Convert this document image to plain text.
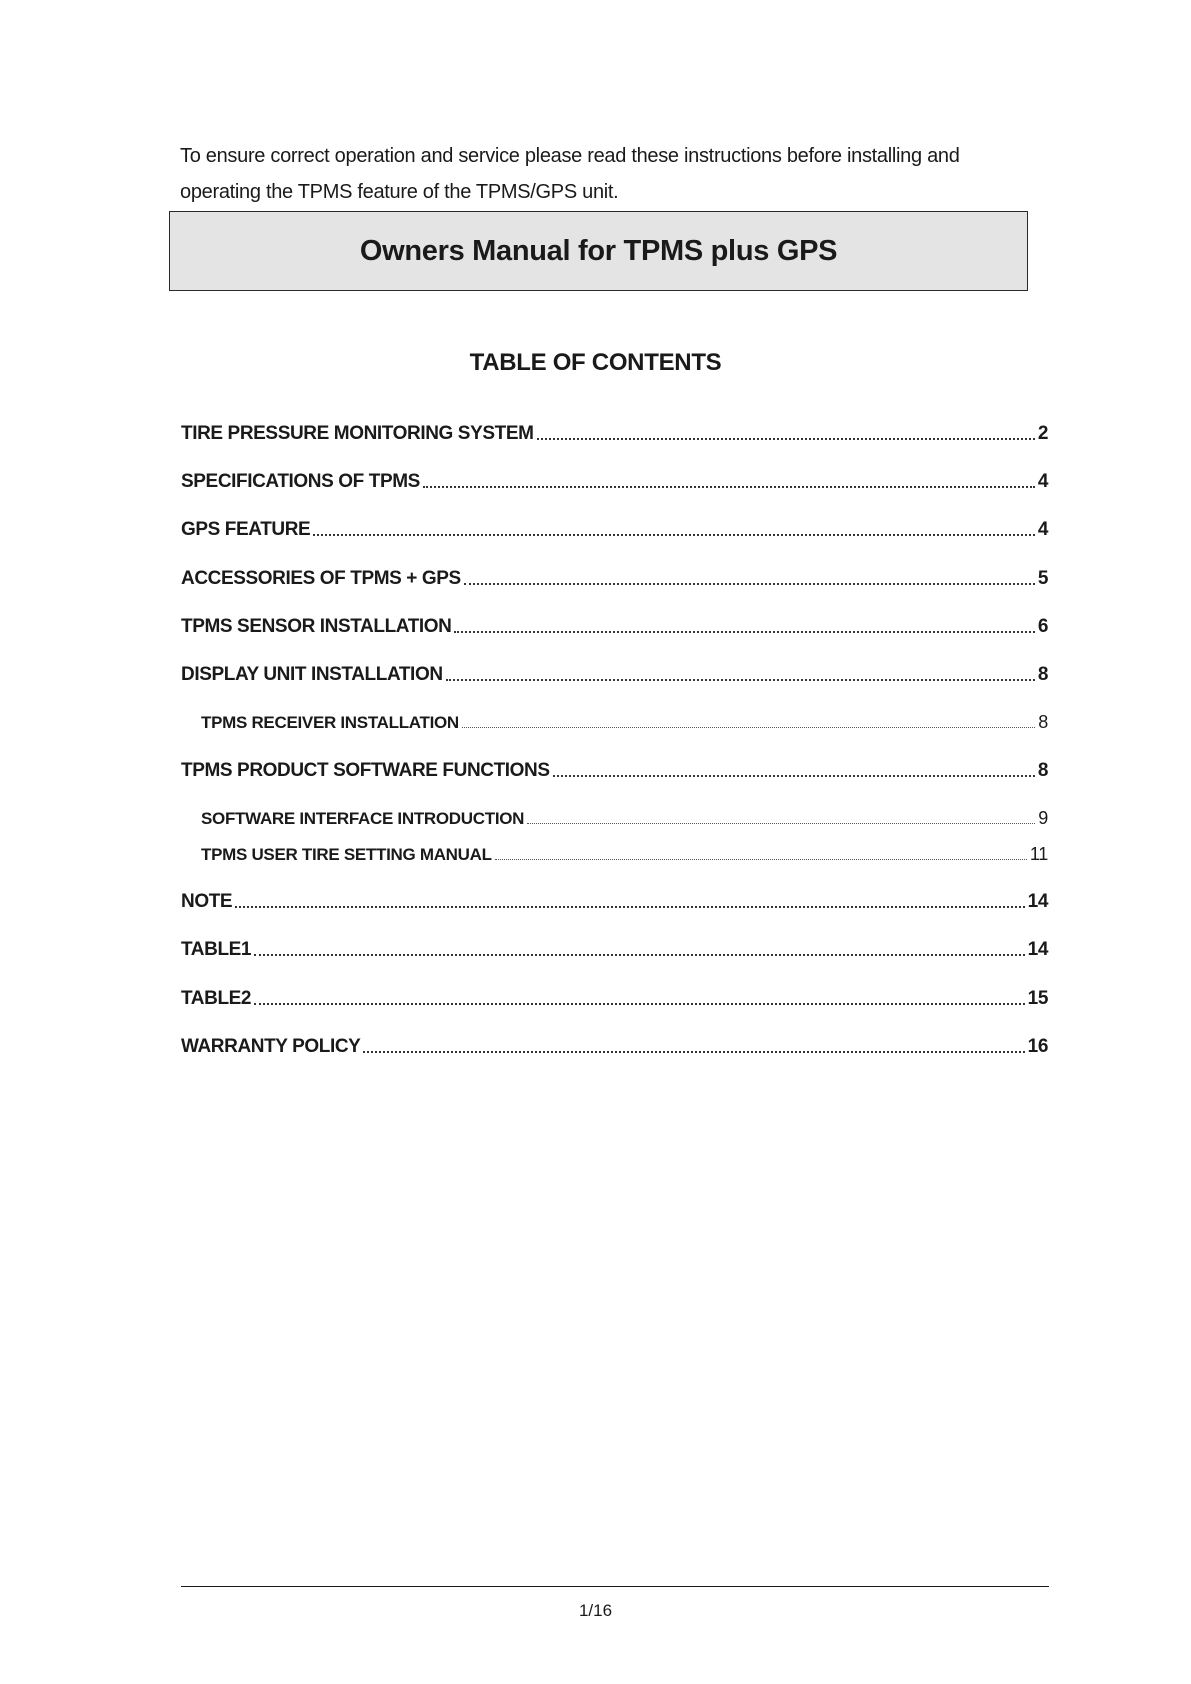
To ensure correct operation and service please read these instructions before installing and

operating the TPMS feature of the TPMS/GPS unit.

Owners Manual for TPMS plus GPS
TABLE OF CONTENTS
TIRE PRESSURE MONITORING SYSTEM	2
SPECIFICATIONS OF TPMS	4
GPS FEATURE	4
ACCESSORIES OF TPMS + GPS	5
TPMS SENSOR INSTALLATION	6
DISPLAY UNIT INSTALLATION	8
TPMS RECEIVER INSTALLATION	8
TPMS PRODUCT SOFTWARE FUNCTIONS	8
SOFTWARE INTERFACE INTRODUCTION	9
TPMS USER TIRE SETTING MANUAL	11
NOTE	14
TABLE1	14
TABLE2	15
WARRANTY POLICY	16
1/16
